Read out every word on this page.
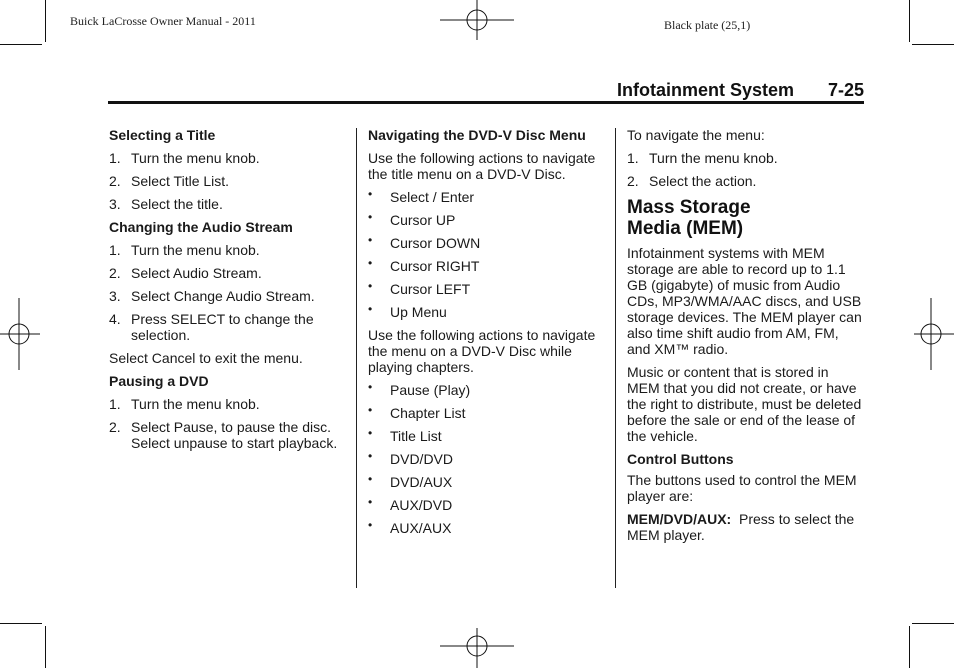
Buick LaCrosse Owner Manual - 2011	Black plate (25,1)
Infotainment System 7-25
Selecting a Title
1. Turn the menu knob.
2. Select Title List.
3. Select the title.
Changing the Audio Stream
1. Turn the menu knob.
2. Select Audio Stream.
3. Select Change Audio Stream.
4. Press SELECT to change the selection.

Select Cancel to exit the menu.

Pausing a DVD
1. Turn the menu knob.
2. Select Pause, to pause the disc. Select unpause to start playback.
Navigating the DVD-V Disc Menu

Use the following actions to navigate the title menu on a DVD-V Disc.

• Select / Enter
• Cursor UP
• Cursor DOWN
• Cursor RIGHT
• Cursor LEFT
• Up Menu

Use the following actions to navigate the menu on a DVD-V Disc while playing chapters.

• Pause (Play)
• Chapter List
• Title List
• DVD/DVD
• DVD/AUX
• AUX/DVD
• AUX/AUX

To navigate the menu:

1. Turn the menu knob.
2. Select the action.
Mass Storage
Media (MEM)

Infotainment systems with MEM storage are able to record up to 1.1 GB (gigabyte) of music from Audio CDs, MP3/WMA/AAC discs, and USB storage devices. The MEM player can also time shift audio from AM, FM, and XM™ radio.

Music or content that is stored in MEM that you did not create, or have the right to distribute, must be deleted before the sale or end of the lease of the vehicle.

Control Buttons

The buttons used to control the MEM player are:

MEM/DVD/AUX: Press to select the MEM player.
